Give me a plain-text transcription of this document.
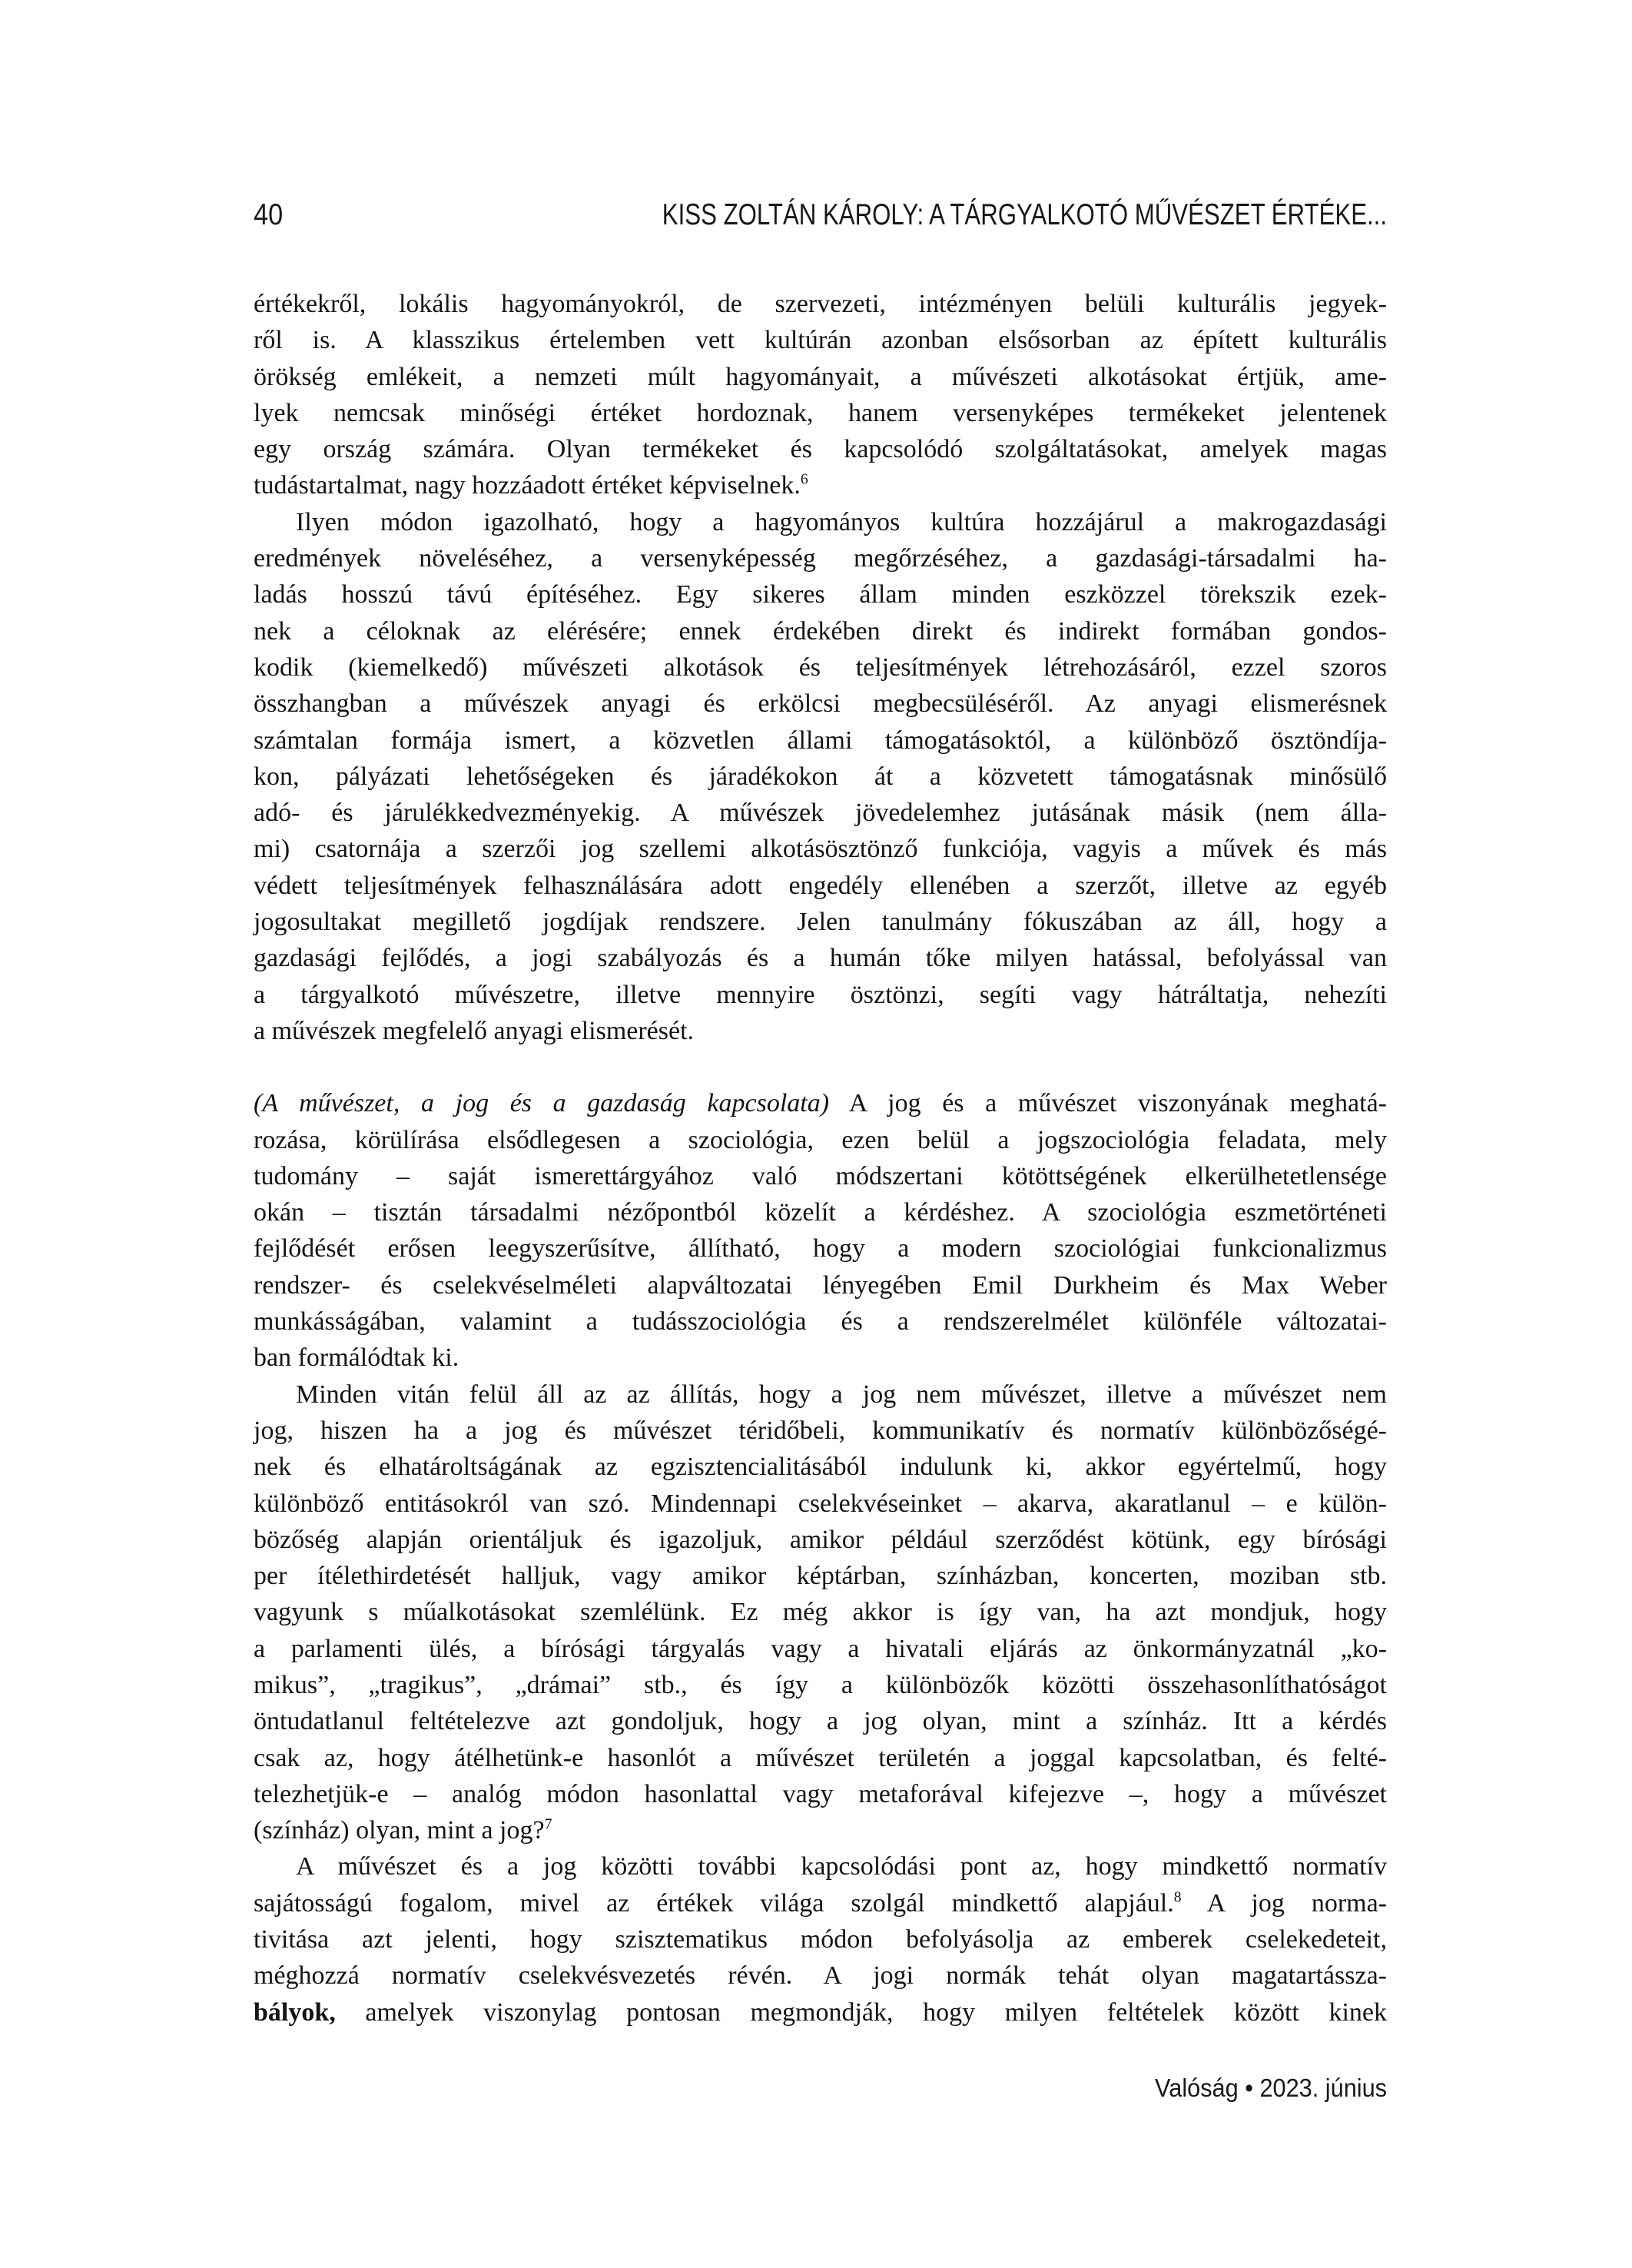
40	KISS ZOLTÁN KÁROLY: A TÁRGYALKOTÓ MŰVÉSZET ÉRTÉKE...
értékekről, lokális hagyományokról, de szervezeti, intézményen belüli kulturális jegyek-
ről is. A klasszikus értelemben vett kultúrán azonban elsősorban az épített kulturális
örökség emlékeit, a nemzeti múlt hagyományait, a művészeti alkotásokat értjük, ame-
lyek nemcsak minőségi értéket hordoznak, hanem versenyképes termékeket jelentenek
egy ország számára. Olyan termékeket és kapcsolódó szolgáltatásokat, amelyek magas
tudástartalmat, nagy hozzáadott értéket képviselnek.$^6$
Ilyen módon igazolható, hogy a hagyományos kultúra hozzájárul a makrogazdasági
eredmények növeléséhez, a versenyképesség megőrzéséhez, a gazdasági-társadalmi ha-
ladás hosszú távú építéséhez. Egy sikeres állam minden eszközzel törekszik ezek-
nek a céloknak az elérésére; ennek érdekében direkt és indirekt formában gondos-
kodik (kiemelkedő) művészeti alkotások és teljesítmények létrehozásáról, ezzel szoros
összhangban a művészek anyagi és erkölcsi megbecsüléséről. Az anyagi elismerésnek
számtalan formája ismert, a közvetlen állami támogatásoktól, a különböző ösztöndíja-
kon, pályázati lehetőségeken és járadékokon át a közvetett támogatásnak minősülő
adó- és járulékkedvezményekig. A művészek jövedelemhez jutásának másik (nem álla-
mi) csatornája a szerzői jog szellemi alkotásösztönző funkciója, vagyis a művek és más
védett teljesítmények felhasználására adott engedély ellenében a szerzőt, illetve az egyéb
jogosultakat megillető jogdíjak rendszere. Jelen tanulmány fókuszában az áll, hogy a
gazdasági fejlődés, a jogi szabályozás és a humán tőke milyen hatással, befolyással van
a tárgyalkotó művészetre, illetve mennyire ösztönzi, segíti vagy hátráltatja, nehezíti
a művészek megfelelő anyagi elismerését.
(A művészet, a jog és a gazdaság kapcsolata) A jog és a művészet viszonyának meghatá-
rozása, körülírása elsődlegesen a szociológia, ezen belül a jogszociológia feladata, mely
tudomány – saját ismerettárgyához való módszertani kötöttségének elkerülhetetlensége
okán – tisztán társadalmi nézőpontból közelít a kérdéshez. A szociológia eszmetörténeti
fejlődését erősen leegyszerűsítve, állítható, hogy a modern szociológiai funkcionalizmus
rendszer- és cselekvéselméleti alapváltozatai lényegében Emil Durkheim és Max Weber
munkásságában, valamint a tudásszociológia és a rendszerelmélet különféle változatai-
ban formálódtak ki.
Minden vitán felül áll az az állítás, hogy a jog nem művészet, illetve a művészet nem
jog, hiszen ha a jog és művészet téridőbeli, kommunikatív és normatív különbözőségé-
nek és elhatároltságának az egzisztencialitásából indulunk ki, akkor egyértelmű, hogy
különböző entitásokról van szó. Mindennapi cselekvéseinket – akarva, akaratlanul – e külön-
bözőség alapján orientáljuk és igazoljuk, amikor például szerződést kötünk, egy bírósági
per ítélethirdetését halljuk, vagy amikor képtárban, színházban, koncerten, moziban stb.
vagyunk s műalkotásokat szemlélünk. Ez még akkor is így van, ha azt mondjuk, hogy
a parlamenti ülés, a bírósági tárgyalás vagy a hivatali eljárás az önkormányzatnál „ko-
mikus”, „tragikus”, „drámai” stb., és így a különbözők közötti összehasonlíthatóságot
öntudatlanul feltételezve azt gondoljuk, hogy a jog olyan, mint a színház. Itt a kérdés
csak az, hogy átélhetünk-e hasonlót a művészet területén a joggal kapcsolatban, és felté-
telezhetjük-e – analóg módon hasonlattal vagy metaforával kifejezve –, hogy a művészet
(színház) olyan, mint a jog?$^7$
A művészet és a jog közötti további kapcsolódási pont az, hogy mindkettő normatív
sajátosságú fogalom, mivel az értékek világa szolgál mindkettő alapjául.$^8$ A jog norma-
tivitása azt jelenti, hogy szisztematikus módon befolyásolja az emberek cselekedeteit,
méghozzá normatív cselekvésvezetés révén. A jogi normák tehát olyan magatartássza-
bályok, amelyek viszonylag pontosan megmondják, hogy milyen feltételek között kinek
Valóság • 2023. június
